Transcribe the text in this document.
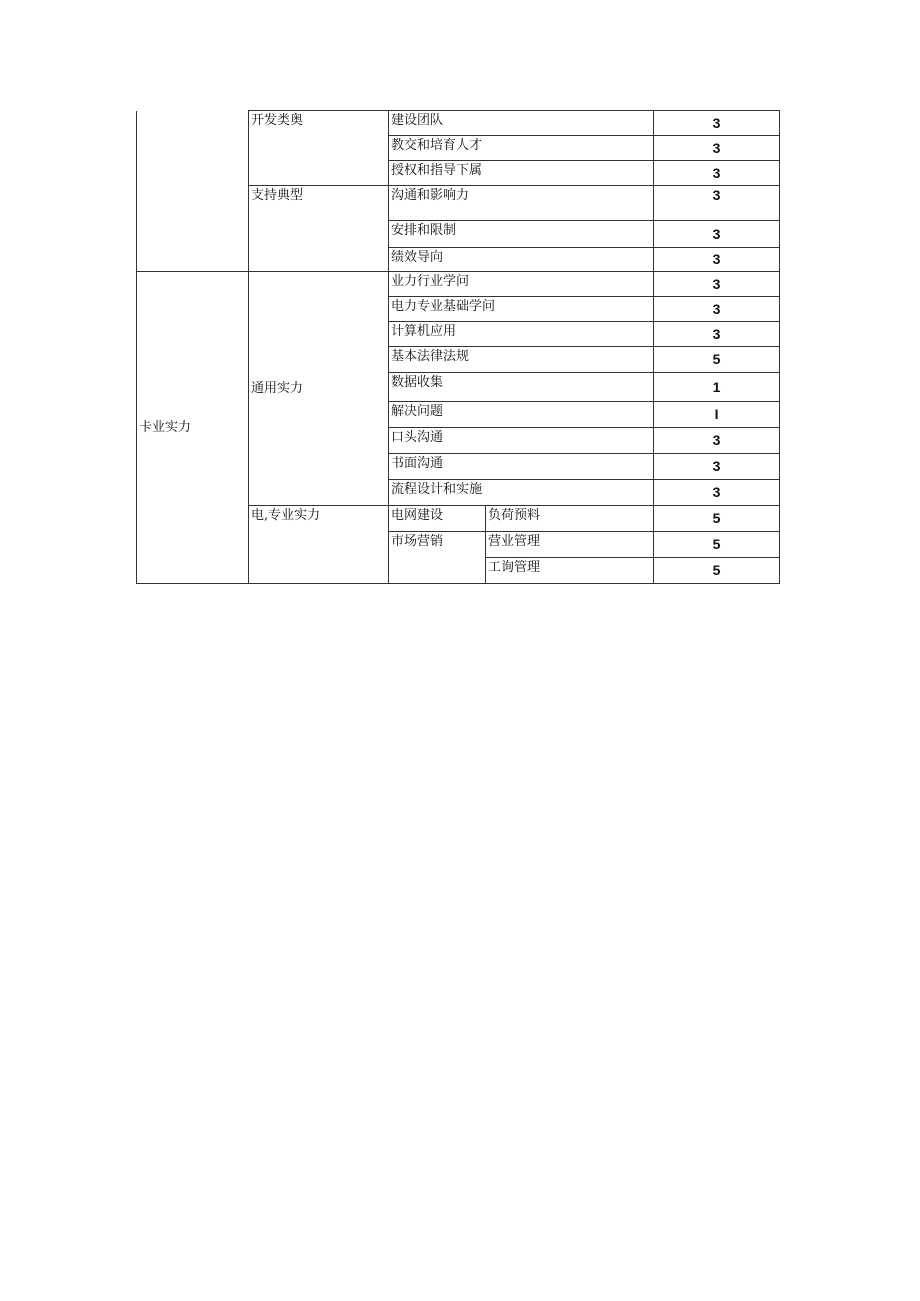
	开发类奥	建设团队		3
		教交和培育人才		3
		授权和指导下属		3
	支持典型	沟通和影响力		3
		安排和限制		3
		绩效导向		3
卡业实力	通用实力	业力行业学问		3
		电力专业基础学问		3
		计算机应用		3
		基本法律法规		5
		数据收集		1
		解决问题		I
		口头沟通		3
		书面沟通		3
		流程设计和实施		3
	电,专业实力	电网建设	负荷预料	5
		市场营销	营业管理	5
			工询管理	5
